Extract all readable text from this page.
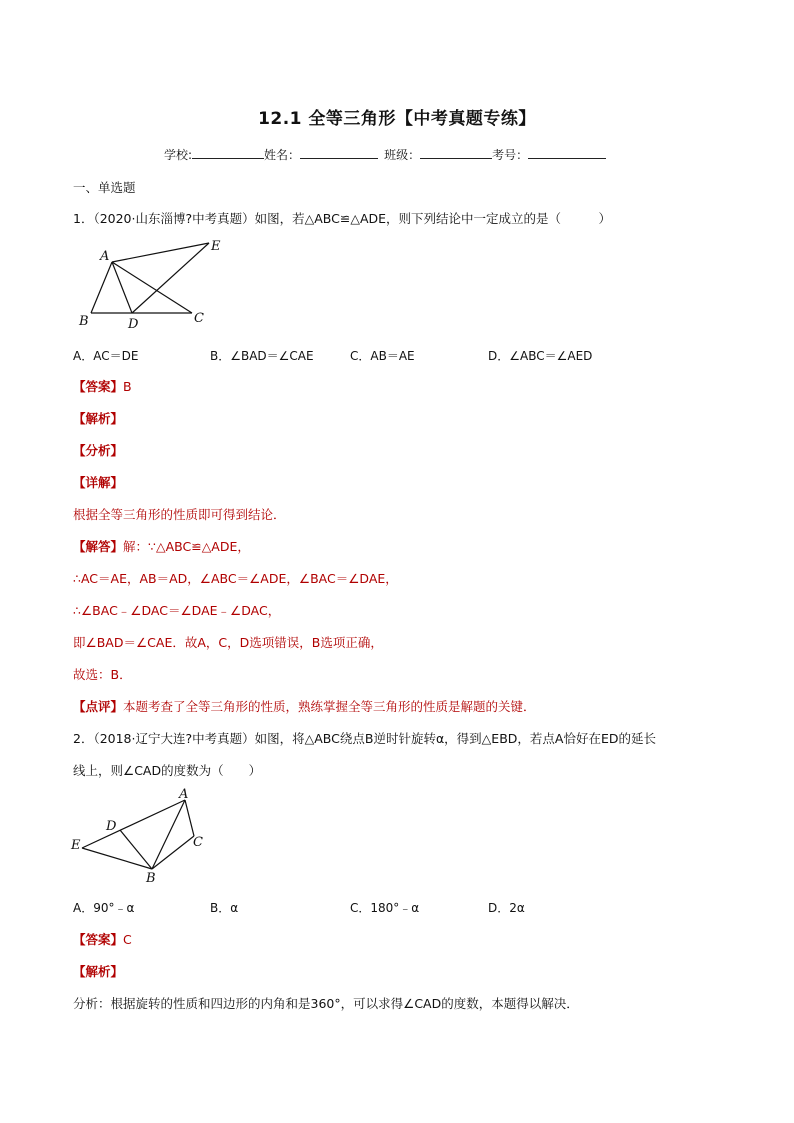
12.1 全等三角形【中考真题专练】
学校:	姓名：	班级：	考号：
一、单选题
1．（2020·山东淄博?中考真题）如图，若△ABC≌△ADE，则下列结论中一定成立的是（　　　）
A
E
B	D	C
A．AC＝DE	B．∠BAD＝∠CAE	C．AB＝AE	D．∠ABC＝∠AED
【答案】B
【解析】
【分析】
【详解】
根据全等三角形的性质即可得到结论．
【解答】解：∵△ABC≌△ADE，
∴AC＝AE，AB＝AD，∠ABC＝∠ADE，∠BAC＝∠DAE，
∴∠BAC﹣∠DAC＝∠DAE﹣∠DAC，
即∠BAD＝∠CAE．故A，C，D选项错误，B选项正确，
故选：B．
【点评】本题考查了全等三角形的性质，熟练掌握全等三角形的性质是解题的关键．
2．（2018·辽宁大连?中考真题）如图，将△ABC绕点B逆时针旋转α，得到△EBD，若点A恰好在ED的延长
线上，则∠CAD的度数为（　　）
A
D
E	C
B
A．90°﹣α	B．α	C．180°﹣α	D．2α
【答案】C
【解析】
分析：根据旋转的性质和四边形的内角和是360°，可以求得∠CAD的度数，本题得以解决．
